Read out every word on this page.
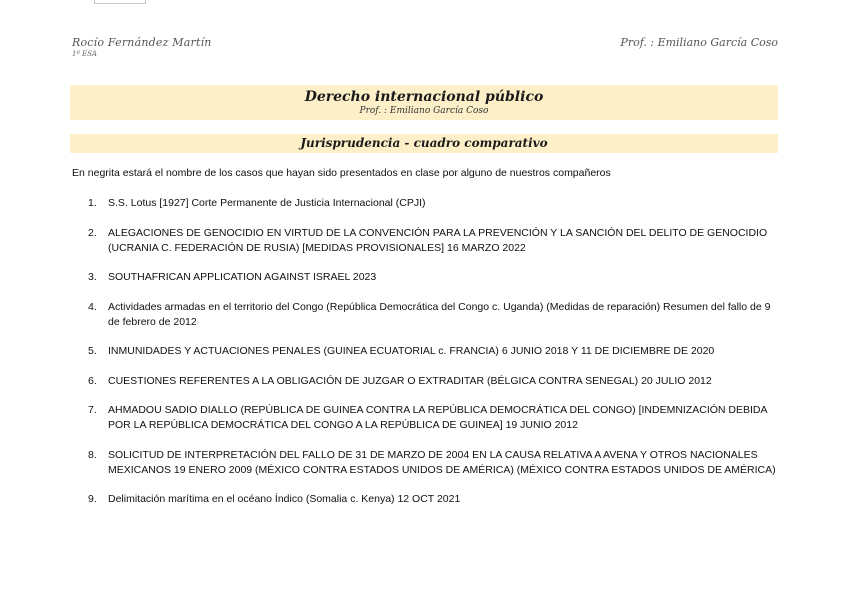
Rocío Fernández Martín
1º ESA
Prof. : Emiliano García Coso
Derecho internacional público
Prof. : Emiliano García Coso
Jurisprudencia - cuadro comparativo
En negrita estará el nombre de los casos que hayan sido presentados en clase por alguno de nuestros compañeros
1. S.S. Lotus [1927] Corte Permanente de Justicia Internacional (CPJI)
2. ALEGACIONES DE GENOCIDIO EN VIRTUD DE LA CONVENCIÓN PARA LA PREVENCIÓN Y LA SANCIÓN DEL DELITO DE GENOCIDIO (UCRANIA C. FEDERACIÓN DE RUSIA) [MEDIDAS PROVISIONALES] 16 MARZO 2022
3. SOUTHAFRICAN APPLICATION AGAINST ISRAEL 2023
4. Actividades armadas en el territorio del Congo (República Democrática del Congo c. Uganda) (Medidas de reparación) Resumen del fallo de 9 de febrero de 2012
5. INMUNIDADES Y ACTUACIONES PENALES (GUINEA ECUATORIAL c. FRANCIA) 6 JUNIO 2018 Y 11 DE DICIEMBRE DE 2020
6. CUESTIONES REFERENTES A LA OBLIGACIÓN DE JUZGAR O EXTRADITAR (BÉLGICA CONTRA SENEGAL) 20 JULIO 2012
7. AHMADOU SADIO DIALLO (REPÚBLICA DE GUINEA CONTRA LA REPÚBLICA DEMOCRÁTICA DEL CONGO) [INDEMNIZACIÓN DEBIDA POR LA REPÚBLICA DEMOCRÁTICA DEL CONGO A LA REPÚBLICA DE GUINEA] 19 JUNIO 2012
8. SOLICITUD DE INTERPRETACIÓN DEL FALLO DE 31 DE MARZO DE 2004 EN LA CAUSA RELATIVA A AVENA Y OTROS NACIONALES MEXICANOS 19 ENERO 2009 (MÉXICO CONTRA ESTADOS UNIDOS DE AMÉRICA) (MÉXICO CONTRA ESTADOS UNIDOS DE AMÉRICA)
9. Delimitación marítima en el océano Índico (Somalia c. Kenya) 12 OCT 2021
